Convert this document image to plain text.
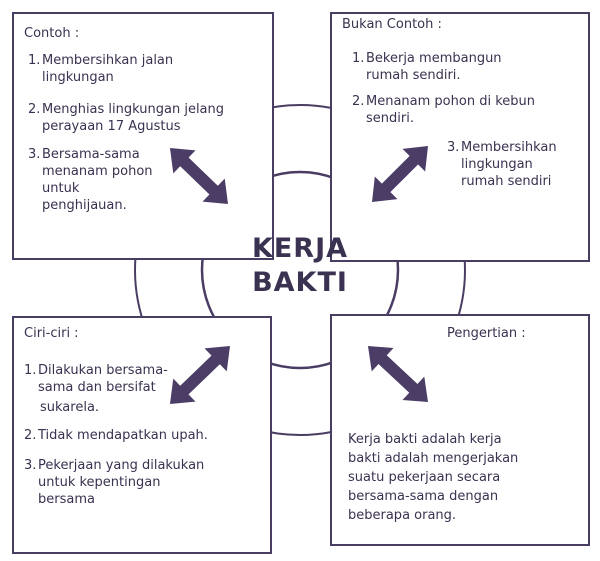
KERJA
BAKTI
Contoh :
1. Membersihkan jalan
lingkungan
2. Menghias lingkungan jelang
perayaan 17 Agustus
3. Bersama-sama
menanam pohon
untuk
penghijauan.
Bukan Contoh :
1. Bekerja membangun
rumah sendiri.
2. Menanam pohon di kebun
sendiri.
3. Membersihkan
lingkungan
rumah sendiri
Ciri-ciri :
1. Dilakukan bersama-
sama dan bersifat
sukarela.
2. Tidak mendapatkan upah.
3. Pekerjaan yang dilakukan
untuk kepentingan
bersama
Pengertian :
Kerja bakti adalah kerja
bakti adalah mengerjakan
suatu pekerjaan secara
bersama-sama dengan
beberapa orang.
